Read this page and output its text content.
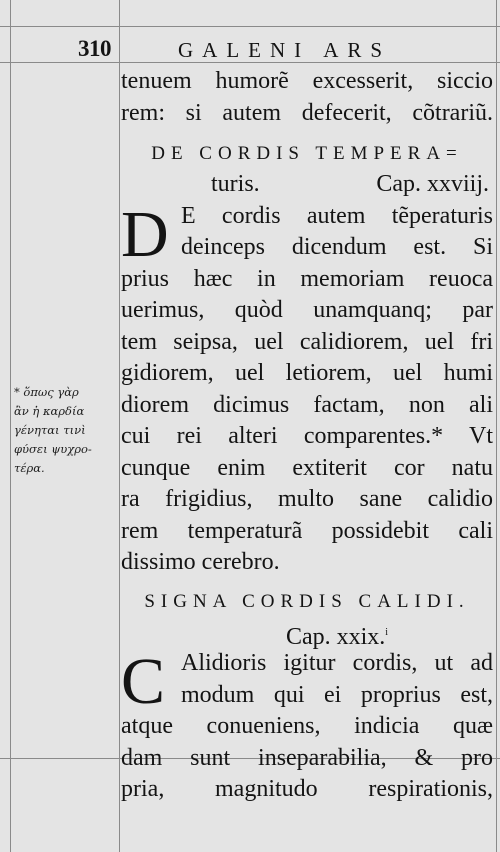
310	GALENI ARS
* ὅπως γὰρ
ἂν ἡ καρδία
γένηται τινὶ
φύσει ψυχρο-
τέρα.
tenuem humorẽ excesserit, siccio
rem: si autem defecerit, cõtrariũ.
DE CORDIS TEMPERA=
turis.	Cap. xxviij.
D E cordis autem tẽperaturis
deinceps dicendum est. Si
prius hæc in memoriam reuoca
uerimus, quòd unamquanq; par
tem seipsa, uel calidiorem, uel fri
gidiorem, uel letiorem, uel humi
diorem dicimus factam, non ali
cui rei alteri comparentes.* Vt
cunque enim extiterit cor natu
ra frigidius, multo sane calidio
rem temperaturã possidebit cali
dissimo cerebro.
SIGNA CORDIS CALIDI.
Cap. xxix.$^i$
C Alidioris igitur cordis, ut ad
modum qui ei proprius est,
atque conueniens, indicia quæ
dam sunt inseparabilia, & pro
pria, magnitudo respirationis,
